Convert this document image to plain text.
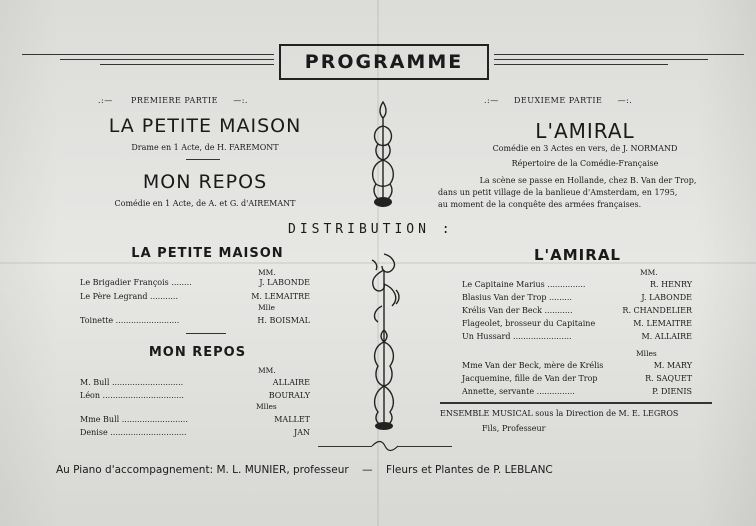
PROGRAMME
.:—      PREMIERE PARTIE     —:.
LA PETITE MAISON
Drame en 1 Acte, de H. FAREMONT
MON REPOS
Comédie en 1 Acte, de A. et G. d'AIREMANT
.:—     DEUXIEME PARTIE     —:.
L'AMIRAL
Comédie en 3 Actes en vers, de J. NORMAND
Répertoire de la Comédie-Française
La scène se passe en Hollande, chez B. Van der Trop,
dans un petit village de la banlieue d'Amsterdam, en 1795,
au moment de la conquête des armées françaises.
DISTRIBUTION :
LA PETITE MAISON
MM.
Le Brigadier François ........	J. LABONDE
Le Père Legrand ...........	M. LEMAITRE
Mlle
Toinette .........................	H. BOISMAL
MON REPOS
MM.
M. Bull ............................	ALLAIRE
Léon ................................	BOURALY
Mlles
Mme Bull ..........................	MALLET
Denise ..............................	JAN
L'AMIRAL
MM.
Le Capitaine Marius ...............	R. HENRY
Blasius Van der Trop .........	J. LABONDE
Krélis Van der Beck ...........	R. CHANDELIER
Flageolet, brosseur du Capitaine	M. LEMAITRE
Un Hussard .......................	M. ALLAIRE
Mlles
Mme Van der Beck, mère de Krélis	M. MARY
Jacquemine, fille de Van der Trop	R. SAQUET
Annette, servante ...............	P. DIENIS
ENSEMBLE MUSICAL sous la Direction de M. E. LEGROS
Fils, Professeur
Au Piano d'accompagnement: M. L. MUNIER, professeur — Fleurs et Plantes de P. LEBLANC
